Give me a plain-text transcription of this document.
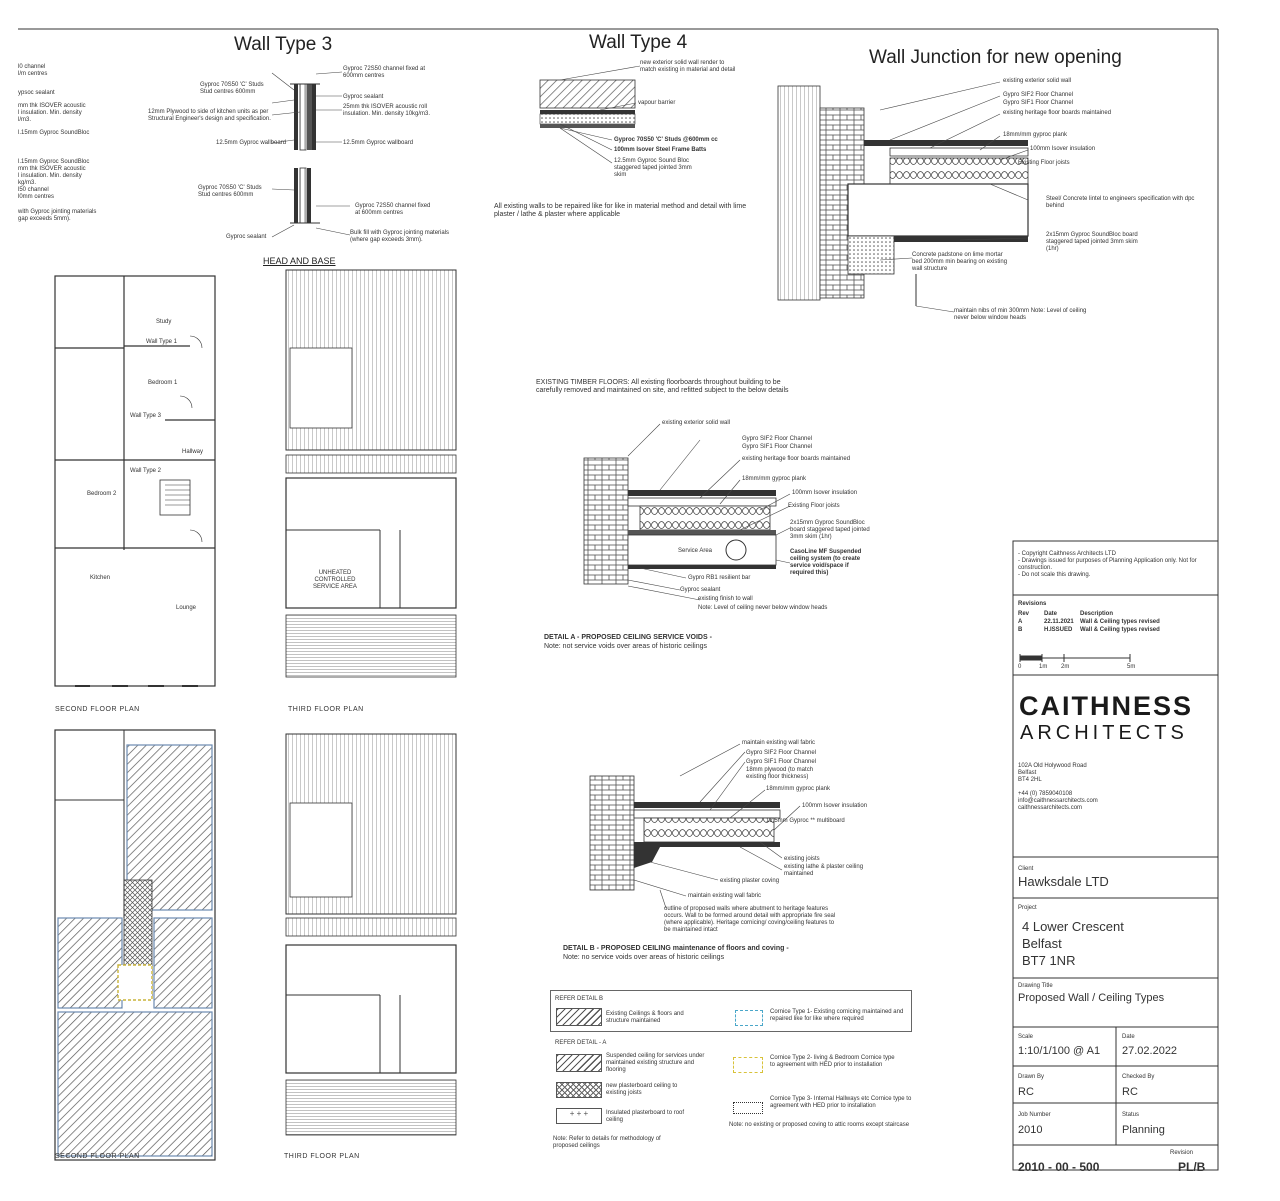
Wall Type 3	Wall Type 4
Wall Junction for new opening
HEAD AND BASE
l0 channel
l/m centres
ypsoc sealant
mm thk ISOVER acoustic
l insulation. Min. density
l/m3.
l.15mm Gyproc SoundBloc
l.15mm Gyproc SoundBloc
mm thk ISOVER acoustic
l insulation. Min. density
kg/m3.
l50 channel
l0mm centres
with Gyproc jointing materials
gap exceeds 5mm).
Gyproc 72S50 channel fixed at 600mm centres
Gyproc 70S50 'C' Studs Stud centres 600mm
Gyproc sealant
12mm Plywood to side of kitchen units as per Structural Engineer's design and specification.
25mm thk ISOVER acoustic roll insulation. Min. density 10kg/m3.
12.5mm Gyproc wallboard	12.5mm Gyproc wallboard
Gyproc 70S50 'C' Studs Stud centres 600mm
Gyproc 72S50 channel fixed at 600mm centres
Gyproc sealant
Bulk fill with Gyproc jointing materials (where gap exceeds 3mm).
new exterior solid wall render to match existing in material and detail
vapour barrier
Gyproc 70S50 'C' Studs @600mm cc
100mm Isover Steel Frame Batts
12.5mm Gyproc Sound Bloc staggered taped jointed 3mm skim
All existing walls to be repaired like for like in material method and detail with lime plaster / lathe & plaster where applicable
existing exterior solid wall
Gypro SIF2 Floor Channel
Gypro SIF1 Floor Channel
existing heritage floor boards maintained
18mm/mm gyproc plank
100mm Isover insulation
Existing Floor joists
Steel/ Concrete lintel to engineers specification with dpc behind
2x15mm Gyproc SoundBloc board staggered taped jointed 3mm skim (1hr)
Concrete padstone on lime mortar bed 200mm min bearing on existing wall structure
maintain nibs of min 300mm Note: Level of ceiling never below window heads
EXISTING TIMBER FLOORS: All existing floorboards throughout building to be carefully removed and maintained on site, and refitted subject to the below details
existing exterior solid wall
Gypro SIF2 Floor Channel
Gypro SIF1 Floor Channel
existing heritage floor boards maintained
18mm/mm gyproc plank
100mm Isover insulation
Existing Floor joists
2x15mm Gyproc SoundBloc board staggered taped jointed 3mm skim (1hr)
CasoLine MF Suspended ceiling system (to create service void/space if required this)
Service Area
Gypro RB1 resilient bar
Gyproc sealant
existing finish to wall
Note: Level of ceiling never below window heads
DETAIL A - PROPOSED CEILING SERVICE VOIDS -
Note: not service voids over areas of historic ceilings
maintain existing wall fabric
Gypro SIF2 Floor Channel
Gypro SIF1 Floor Channel
18mm plywood (to match existing floor thickness)
18mm/mm gyproc plank
100mm Isover insulation
12.5mm Gyproc ** multiboard
existing joists
existing lathe & plaster ceiling maintained
existing plaster coving
maintain existing wall fabric
outline of proposed walls where abutment to heritage features occurs. Wall to be formed around detail with appropriate fire seal (where applicable). Heritage cornicing/ coving/ceiling features to be maintained intact
DETAIL B - PROPOSED CEILING maintenance of floors and coving -
Note: no service voids over areas of historic ceilings
Study
Bedroom 1
Hallway
Bedroom 2
Kitchen
Lounge
Wall Type 1
Wall Type 2
Wall Type 3
UNHEATED CONTROLLED SERVICE AREA
SECOND FLOOR PLAN	THIRD FLOOR PLAN
SECOND FLOOR PLAN	THIRD FLOOR PLAN
REFER DETAIL B
Existing Ceilings & floors and structure maintained
REFER DETAIL - A
Suspended ceiling for services under maintained existing structure and flooring
new plasterboard ceiling to existing joists
+ + +	Insulated plasterboard to roof ceiling
Note: Refer to details for methodology of proposed ceilings
Cornice Type 1- Existing cornicing maintained and repaired like for like where required
Cornice Type 2- living & Bedroom Cornice type to agreement with HED prior to installation
Cornice Type 3- Internal Hallways etc Cornice type to agreement with HED prior to installation
Note: no existing or proposed coving to attic rooms except staircase
- Copyright Caithness Architects LTD
- Drawings issued for purposes of Planning Application only. Not for construction.
- Do not scale this drawing.
Revisions
Rev Date	Description
A	22.11.2021 Wall & Ceiling types revised
B	H.ISSUED Wall & Ceiling types revised
0	1m 2m	5m
CAITHNESS
ARCHITECTS
102A Old Holywood Road
Belfast
BT4 2HL

+44 (0) 7859040108
info@caithnessarchitects.com
caithnessarchitects.com
Client
Hawksdale LTD
Project
4 Lower Crescent
Belfast
BT7 1NR
Drawing Title
Proposed Wall / Ceiling Types
Scale
1:10/1/100 @ A1
Date
27.02.2022
Drawn By
RC
Checked By
RC
Job Number
2010
Status
Planning
Revision
2010 - 00 - 500	PL/B
